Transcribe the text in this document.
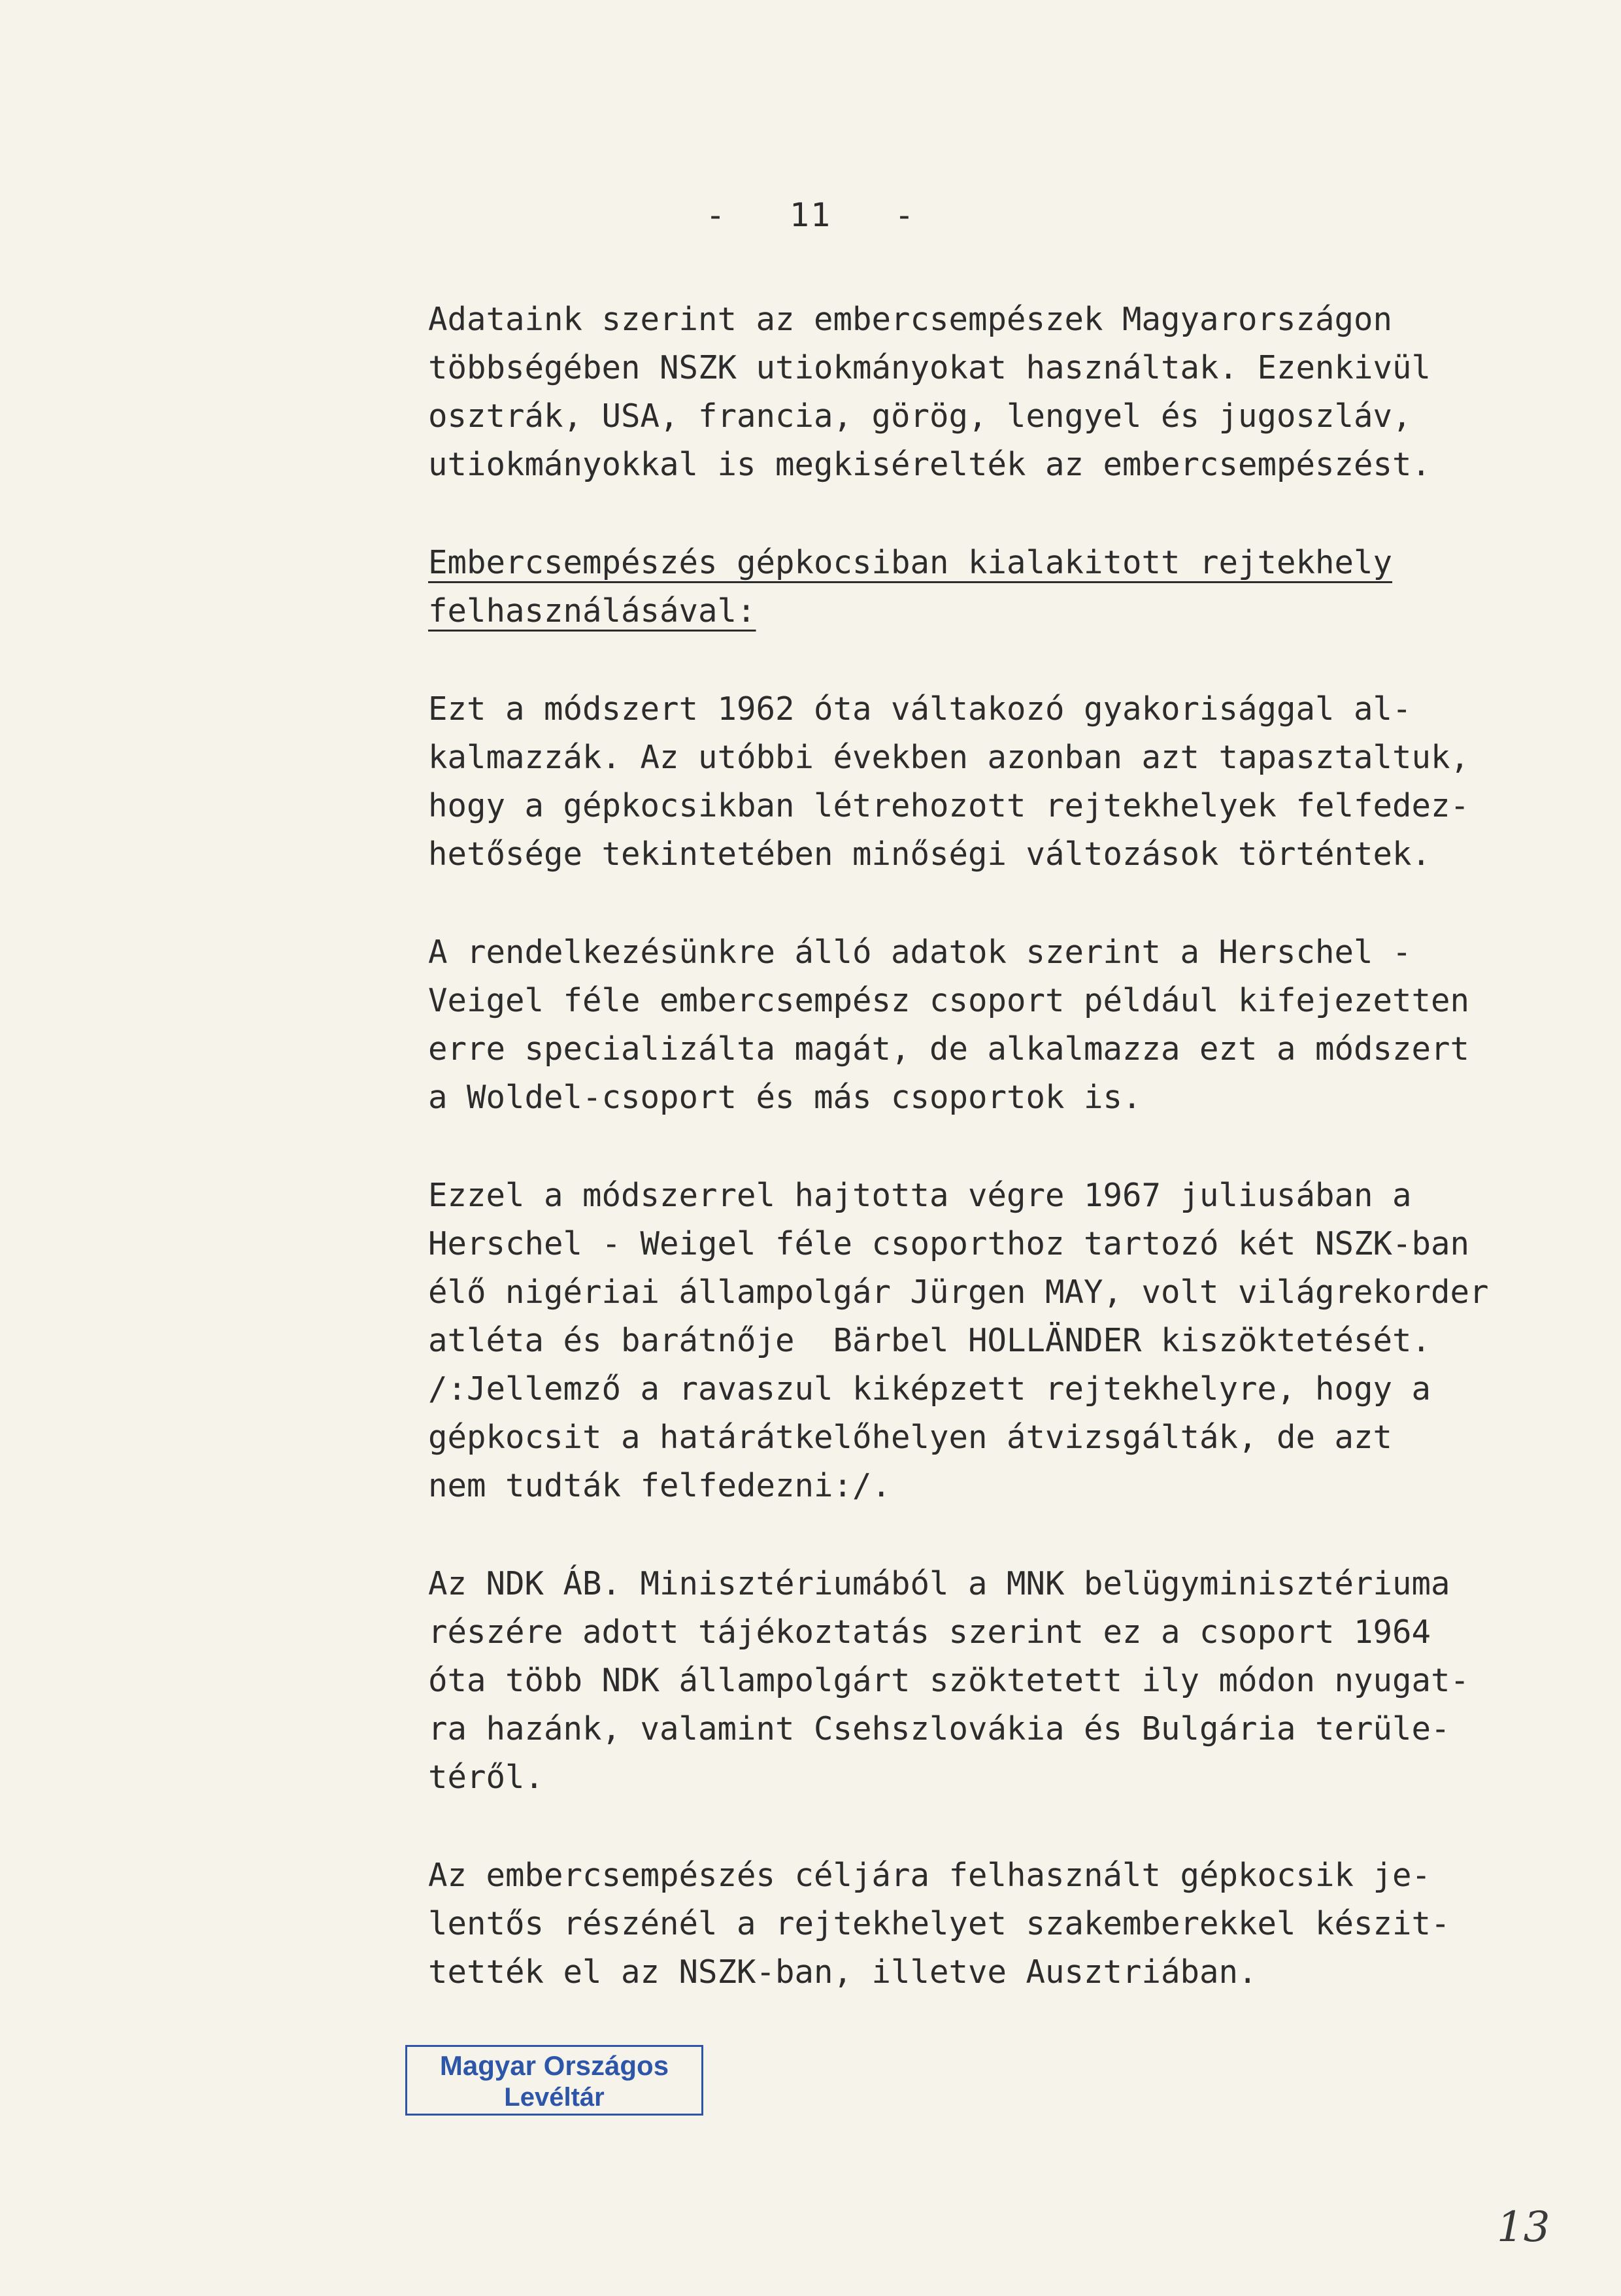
-   11   -
Adataink szerint az embercsempészek Magyarországon
többségében NSZK utiokmányokat használtak. Ezenkivül
osztrák, USA, francia, görög, lengyel és jugoszláv,
utiokmányokkal is megkisérelték az embercsempészést.
Embercsempészés gépkocsiban kialakitott rejtekhely
felhasználásával:
Ezt a módszert 1962 óta váltakozó gyakorisággal al-
kalmazzák. Az utóbbi években azonban azt tapasztaltuk,
hogy a gépkocsikban létrehozott rejtekhelyek felfedez-
hetősége tekintetében minőségi változások történtek.
A rendelkezésünkre álló adatok szerint a Herschel -
Veigel féle embercsempész csoport például kifejezetten
erre specializálta magát, de alkalmazza ezt a módszert
a Woldel-csoport és más csoportok is.
Ezzel a módszerrel hajtotta végre 1967 juliusában a
Herschel - Weigel féle csoporthoz tartozó két NSZK-ban
élő nigériai állampolgár Jürgen MAY, volt világrekorder
atléta és barátnője  Bärbel HOLLÄNDER kiszöktetését.
/:Jellemző a ravaszul kiképzett rejtekhelyre, hogy a
gépkocsit a határátkelőhelyen átvizsgálták, de azt
nem tudták felfedezni:/.
Az NDK ÁB. Minisztériumából a MNK belügyminisztériuma
részére adott tájékoztatás szerint ez a csoport 1964
óta több NDK állampolgárt szöktetett ily módon nyugat-
ra hazánk, valamint Csehszlovákia és Bulgária terüle-
téről.
Az embercsempészés céljára felhasznált gépkocsik je-
lentős részénél a rejtekhelyet szakemberekkel készit-
tették el az NSZK-ban, illetve Ausztriában.
Magyar Országos
Levéltár
13
